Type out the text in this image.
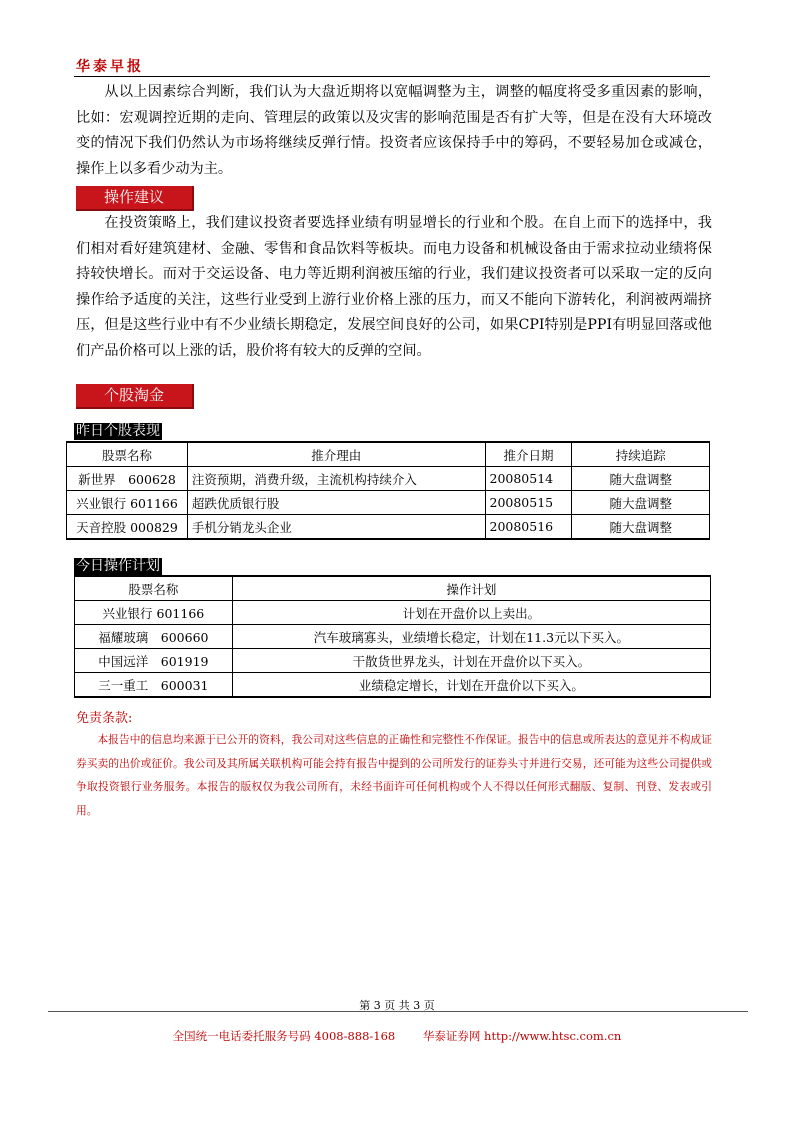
华泰早报
从以上因素综合判断，我们认为大盘近期将以宽幅调整为主，调整的幅度将受多重因素的影响，比如：宏观调控近期的走向、管理层的政策以及灾害的影响范围是否有扩大等，但是在没有大环境改变的情况下我们仍然认为市场将继续反弹行情。投资者应该保持手中的筹码，不要轻易加仓或减仓，操作上以多看少动为主。
操作建议
在投资策略上，我们建议投资者要选择业绩有明显增长的行业和个股。在自上而下的选择中，我们相对看好建筑建材、金融、零售和食品饮料等板块。而电力设备和机械设备由于需求拉动业绩将保持较快增长。而对于交运设备、电力等近期利润被压缩的行业，我们建议投资者可以采取一定的反向操作给予适度的关注，这些行业受到上游行业价格上涨的压力，而又不能向下游转化，利润被两端挤压，但是这些行业中有不少业绩长期稳定，发展空间良好的公司，如果CPI特别是PPI有明显回落或他们产品价格可以上涨的话，股价将有较大的反弹的空间。
个股淘金
昨日个股表现
股票名称	推介理由	推介日期	持续追踪
新世界　600628	注资预期，消费升级，主流机构持续介入	20080514	随大盘调整
兴业银行 601166	超跌优质银行股	20080515	随大盘调整
天音控股 000829	手机分销龙头企业	20080516	随大盘调整
今日操作计划
股票名称	操作计划
兴业银行 601166	计划在开盘价以上卖出。
福耀玻璃　600660	汽车玻璃寡头，业绩增长稳定，计划在11.3元以下买入。
中国远洋　601919	干散货世界龙头，计划在开盘价以下买入。
三一重工　600031	业绩稳定增长，计划在开盘价以下买入。
免责条款:
本报告中的信息均来源于已公开的资料，我公司对这些信息的正确性和完整性不作保证。报告中的信息或所表达的意见并不构成证券买卖的出价或征价。我公司及其所属关联机构可能会持有报告中提到的公司所发行的证券头寸并进行交易，还可能为这些公司提供或争取投资银行业务服务。本报告的版权仅为我公司所有，未经书面许可任何机构或个人不得以任何形式翻版、复制、刊登、发表或引用。
第 3 页 共 3 页
全国统一电话委托服务号码 4008-888-168 华泰证券网 http://www.htsc.com.cn
